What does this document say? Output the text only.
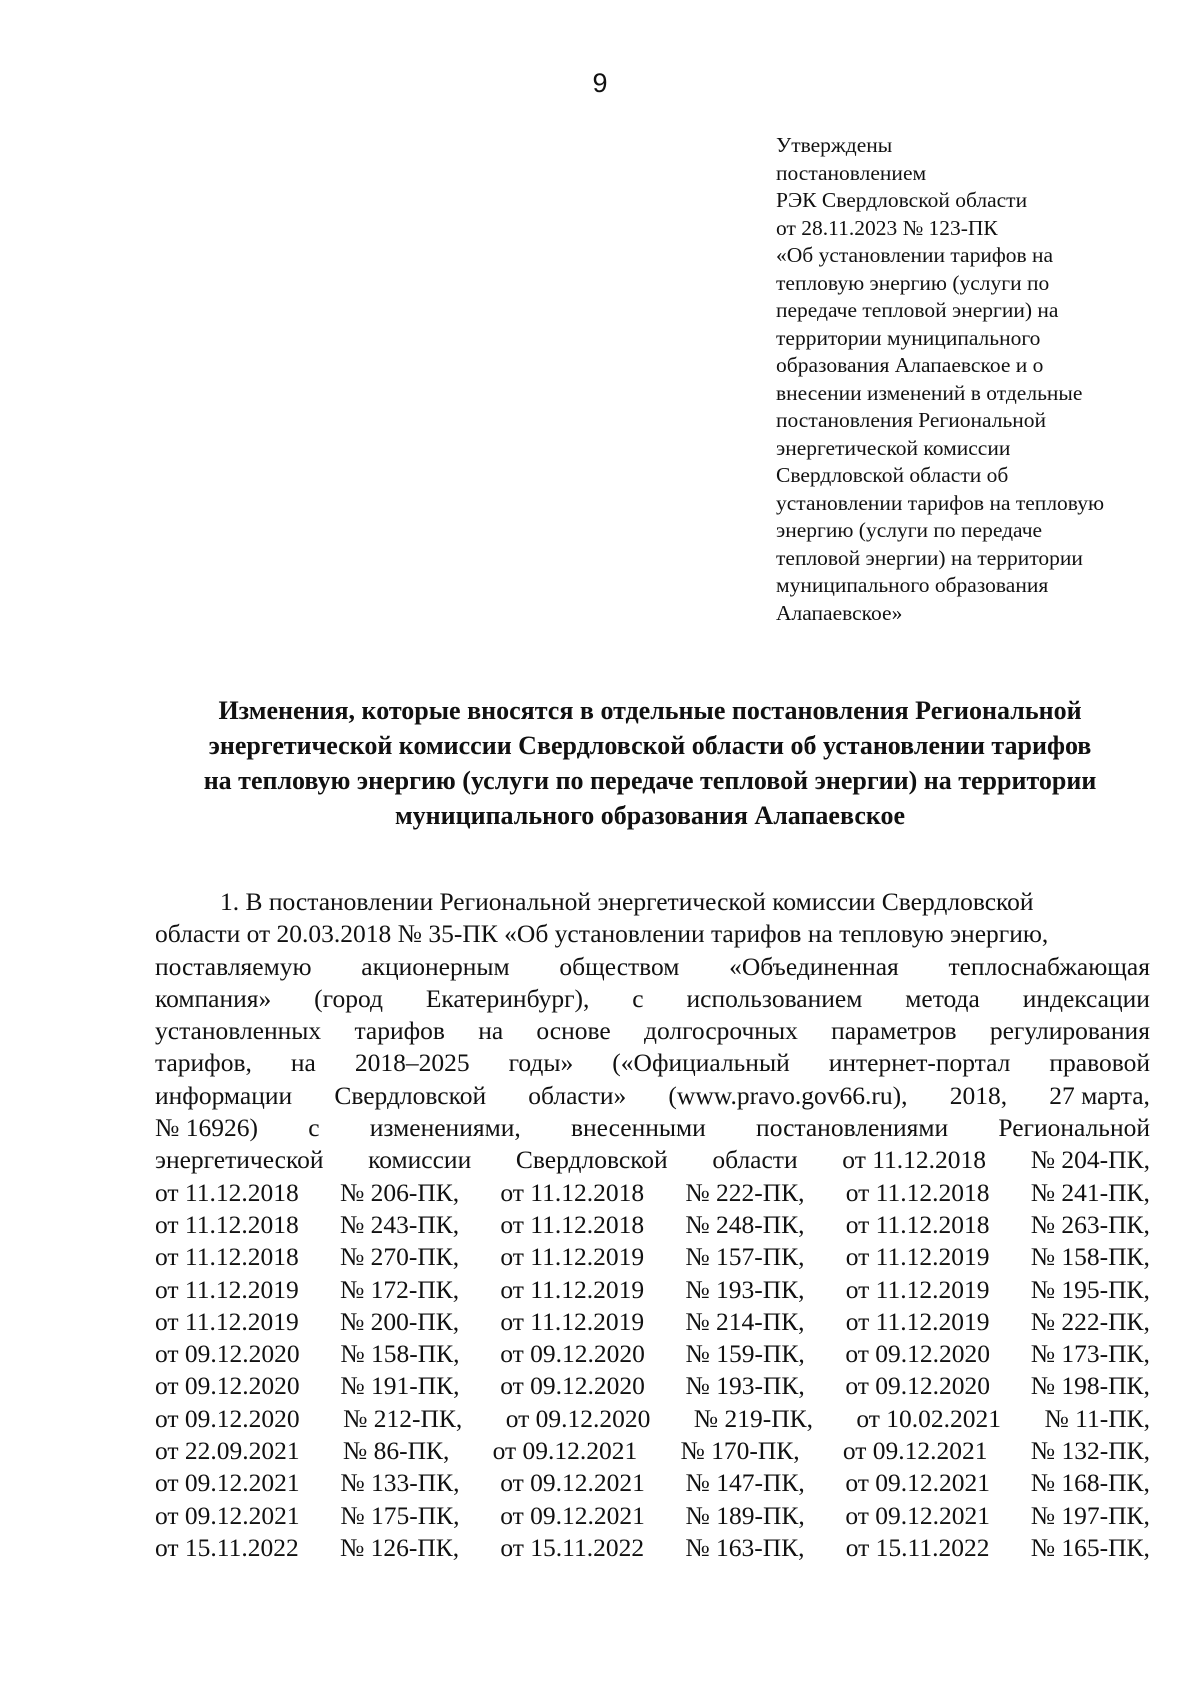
9
Утверждены
постановлением
РЭК Свердловской области
от 28.11.2023 № 123-ПК
«Об установлении тарифов на
тепловую энергию (услуги по
передаче тепловой энергии) на
территории муниципального
образования Алапаевское и о
внесении изменений в отдельные
постановления Региональной
энергетической комиссии
Свердловской области об
установлении тарифов на тепловую
энергию (услуги по передаче
тепловой энергии) на территории
муниципального образования
Алапаевское»
Изменения, которые вносятся в отдельные постановления Региональной
энергетической комиссии Свердловской области об установлении тарифов
на тепловую энергию (услуги по передаче тепловой энергии) на территории
муниципального образования Алапаевское
1. В постановлении Региональной энергетической комиссии Свердловской
области от 20.03.2018 № 35-ПК «Об установлении тарифов на тепловую энергию,
поставляемую акционерным обществом «Объединенная теплоснабжающая
компания» (город Екатеринбург), с использованием метода индексации
установленных тарифов на основе долгосрочных параметров регулирования
тарифов, на 2018–2025 годы» («Официальный интернет-портал правовой
информации Свердловской области» (www.pravo.gov66.ru), 2018, 27 марта,
№ 16926) с изменениями, внесенными постановлениями Региональной
энергетической комиссии Свердловской области от 11.12.2018 № 204-ПК,
от 11.12.2018 № 206-ПК, от 11.12.2018 № 222-ПК, от 11.12.2018 № 241-ПК,
от 11.12.2018 № 243-ПК, от 11.12.2018 № 248-ПК, от 11.12.2018 № 263-ПК,
от 11.12.2018 № 270-ПК, от 11.12.2019 № 157-ПК, от 11.12.2019 № 158-ПК,
от 11.12.2019 № 172-ПК, от 11.12.2019 № 193-ПК, от 11.12.2019 № 195-ПК,
от 11.12.2019 № 200-ПК, от 11.12.2019 № 214-ПК, от 11.12.2019 № 222-ПК,
от 09.12.2020 № 158-ПК, от 09.12.2020 № 159-ПК, от 09.12.2020 № 173-ПК,
от 09.12.2020 № 191-ПК, от 09.12.2020 № 193-ПК, от 09.12.2020 № 198-ПК,
от 09.12.2020 № 212-ПК, от 09.12.2020 № 219-ПК, от 10.02.2021 № 11-ПК,
от 22.09.2021 № 86-ПК, от 09.12.2021 № 170-ПК, от 09.12.2021 № 132-ПК,
от 09.12.2021 № 133-ПК, от 09.12.2021 № 147-ПК, от 09.12.2021 № 168-ПК,
от 09.12.2021 № 175-ПК, от 09.12.2021 № 189-ПК, от 09.12.2021 № 197-ПК,
от 15.11.2022 № 126-ПК, от 15.11.2022 № 163-ПК, от 15.11.2022 № 165-ПК,
